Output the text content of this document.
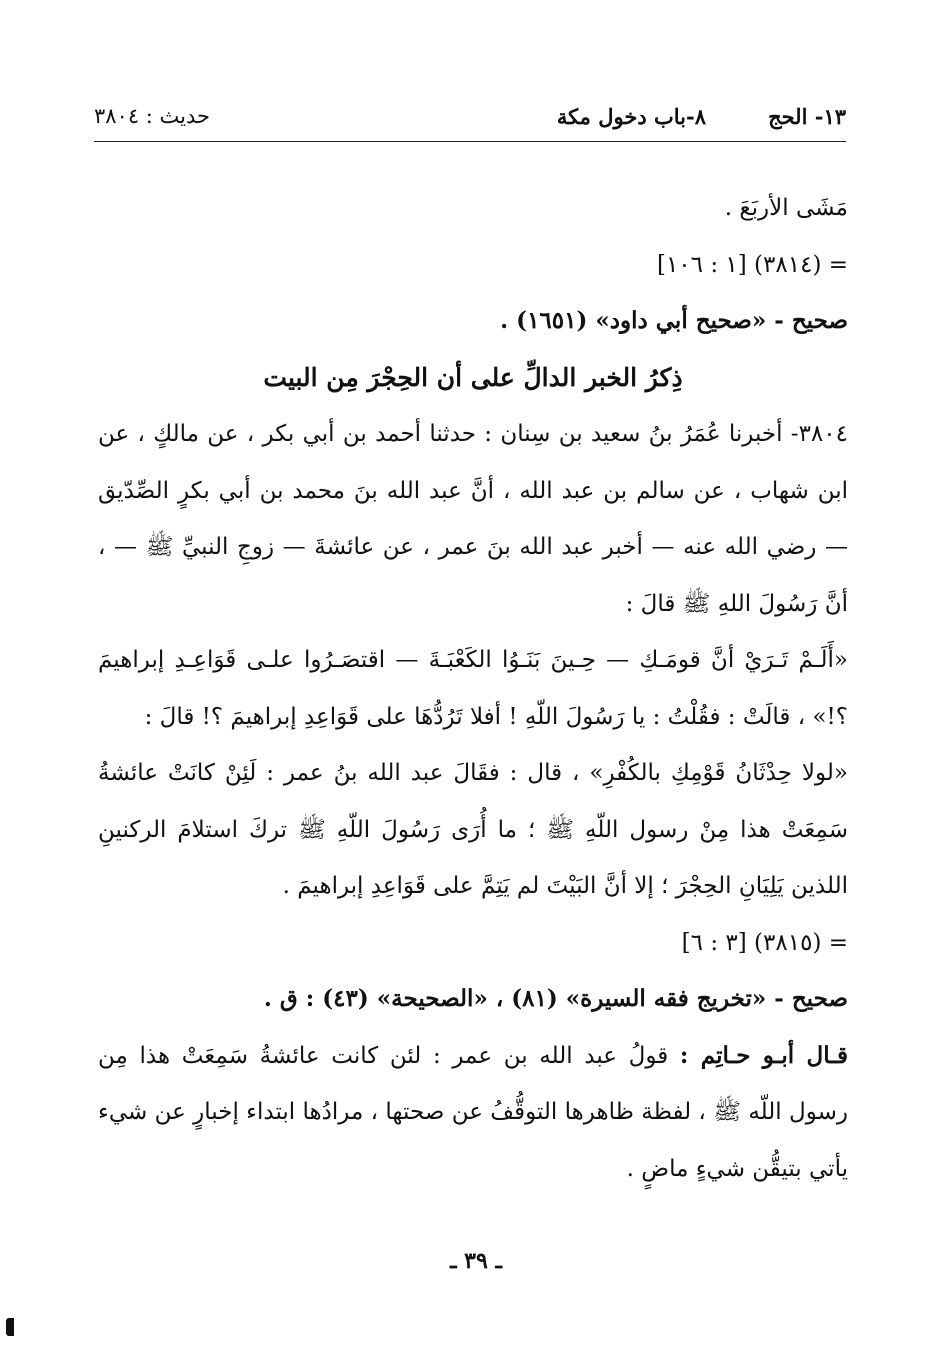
١٣- الحج
٨-باب دخول مكة
حديث : ٣٨٠٤

مَشَى الأربَعَ .

= (٣٨١٤) [١ : ١٠٦]

صحيح - «صحيح أبي داود» (١٦٥١) .

ذِكرُ الخبر الدالِّ على أن الحِجْرَ مِن البيت

٣٨٠٤- أخبرنا عُمَرُ بنُ سعيد بن سِنان : حدثنا أحمد بن أبي بكر ، عن مالكٍ ، عن ابن شهاب ، عن سالم بن عبد الله ، أنَّ عبد الله بنَ محمد بن أبي بكرٍ الصِّدّيق — رضي الله عنه — أخبر عبد الله بنَ عمر ، عن عائشةَ — زوجِ النبيِّ ﷺ — ، أنَّ رَسُولَ اللهِ ﷺ قالَ :

«أَلَـمْ تَـرَيْ أنَّ قومَـكِ — حِـينَ بَنَـوُا الكَعْبَـةَ — اقتصَـرُوا علـى قَوَاعِـدِ إبراهيمَ ؟!» ، قالَتْ : فقُلْتُ : يا رَسُولَ اللّهِ ! أفلا تَرُدُّهَا على قَوَاعِدِ إبراهيمَ ؟! قالَ :

«لولا حِدْثَانُ قَوْمِكِ بالكُفْرِ» ، قال : فقَالَ عبد الله بنُ عمر : لَئِنْ كانَتْ عائشةُ سَمِعَتْ هذا مِنْ رسول اللّهِ ﷺ ؛ ما أُرَى رَسُولَ اللّهِ ﷺ تركَ استلامَ الركنينِ اللذين يَلِيَانِ الحِجْرَ ؛ إلا أنَّ البَيْتَ لم يَتِمَّ على قَوَاعِدِ إبراهيمَ .

= (٣٨١٥) [٣ : ٦]

صحيح - «تخريج فقه السيرة» (٨١) ، «الصحيحة» (٤٣) : ق .

قـال أبـو حـاتِم : قولُ عبد الله بن عمر : لئن كانت عائشةُ سَمِعَتْ هذا مِن رسول اللّه ﷺ ، لفظة ظاهرها التوقُّفُ عن صحتها ، مرادُها ابتداء إخبارٍ عن شيء يأتي بتيقُّن شيءٍ ماضٍ .

ـ ٣٩ ـ
